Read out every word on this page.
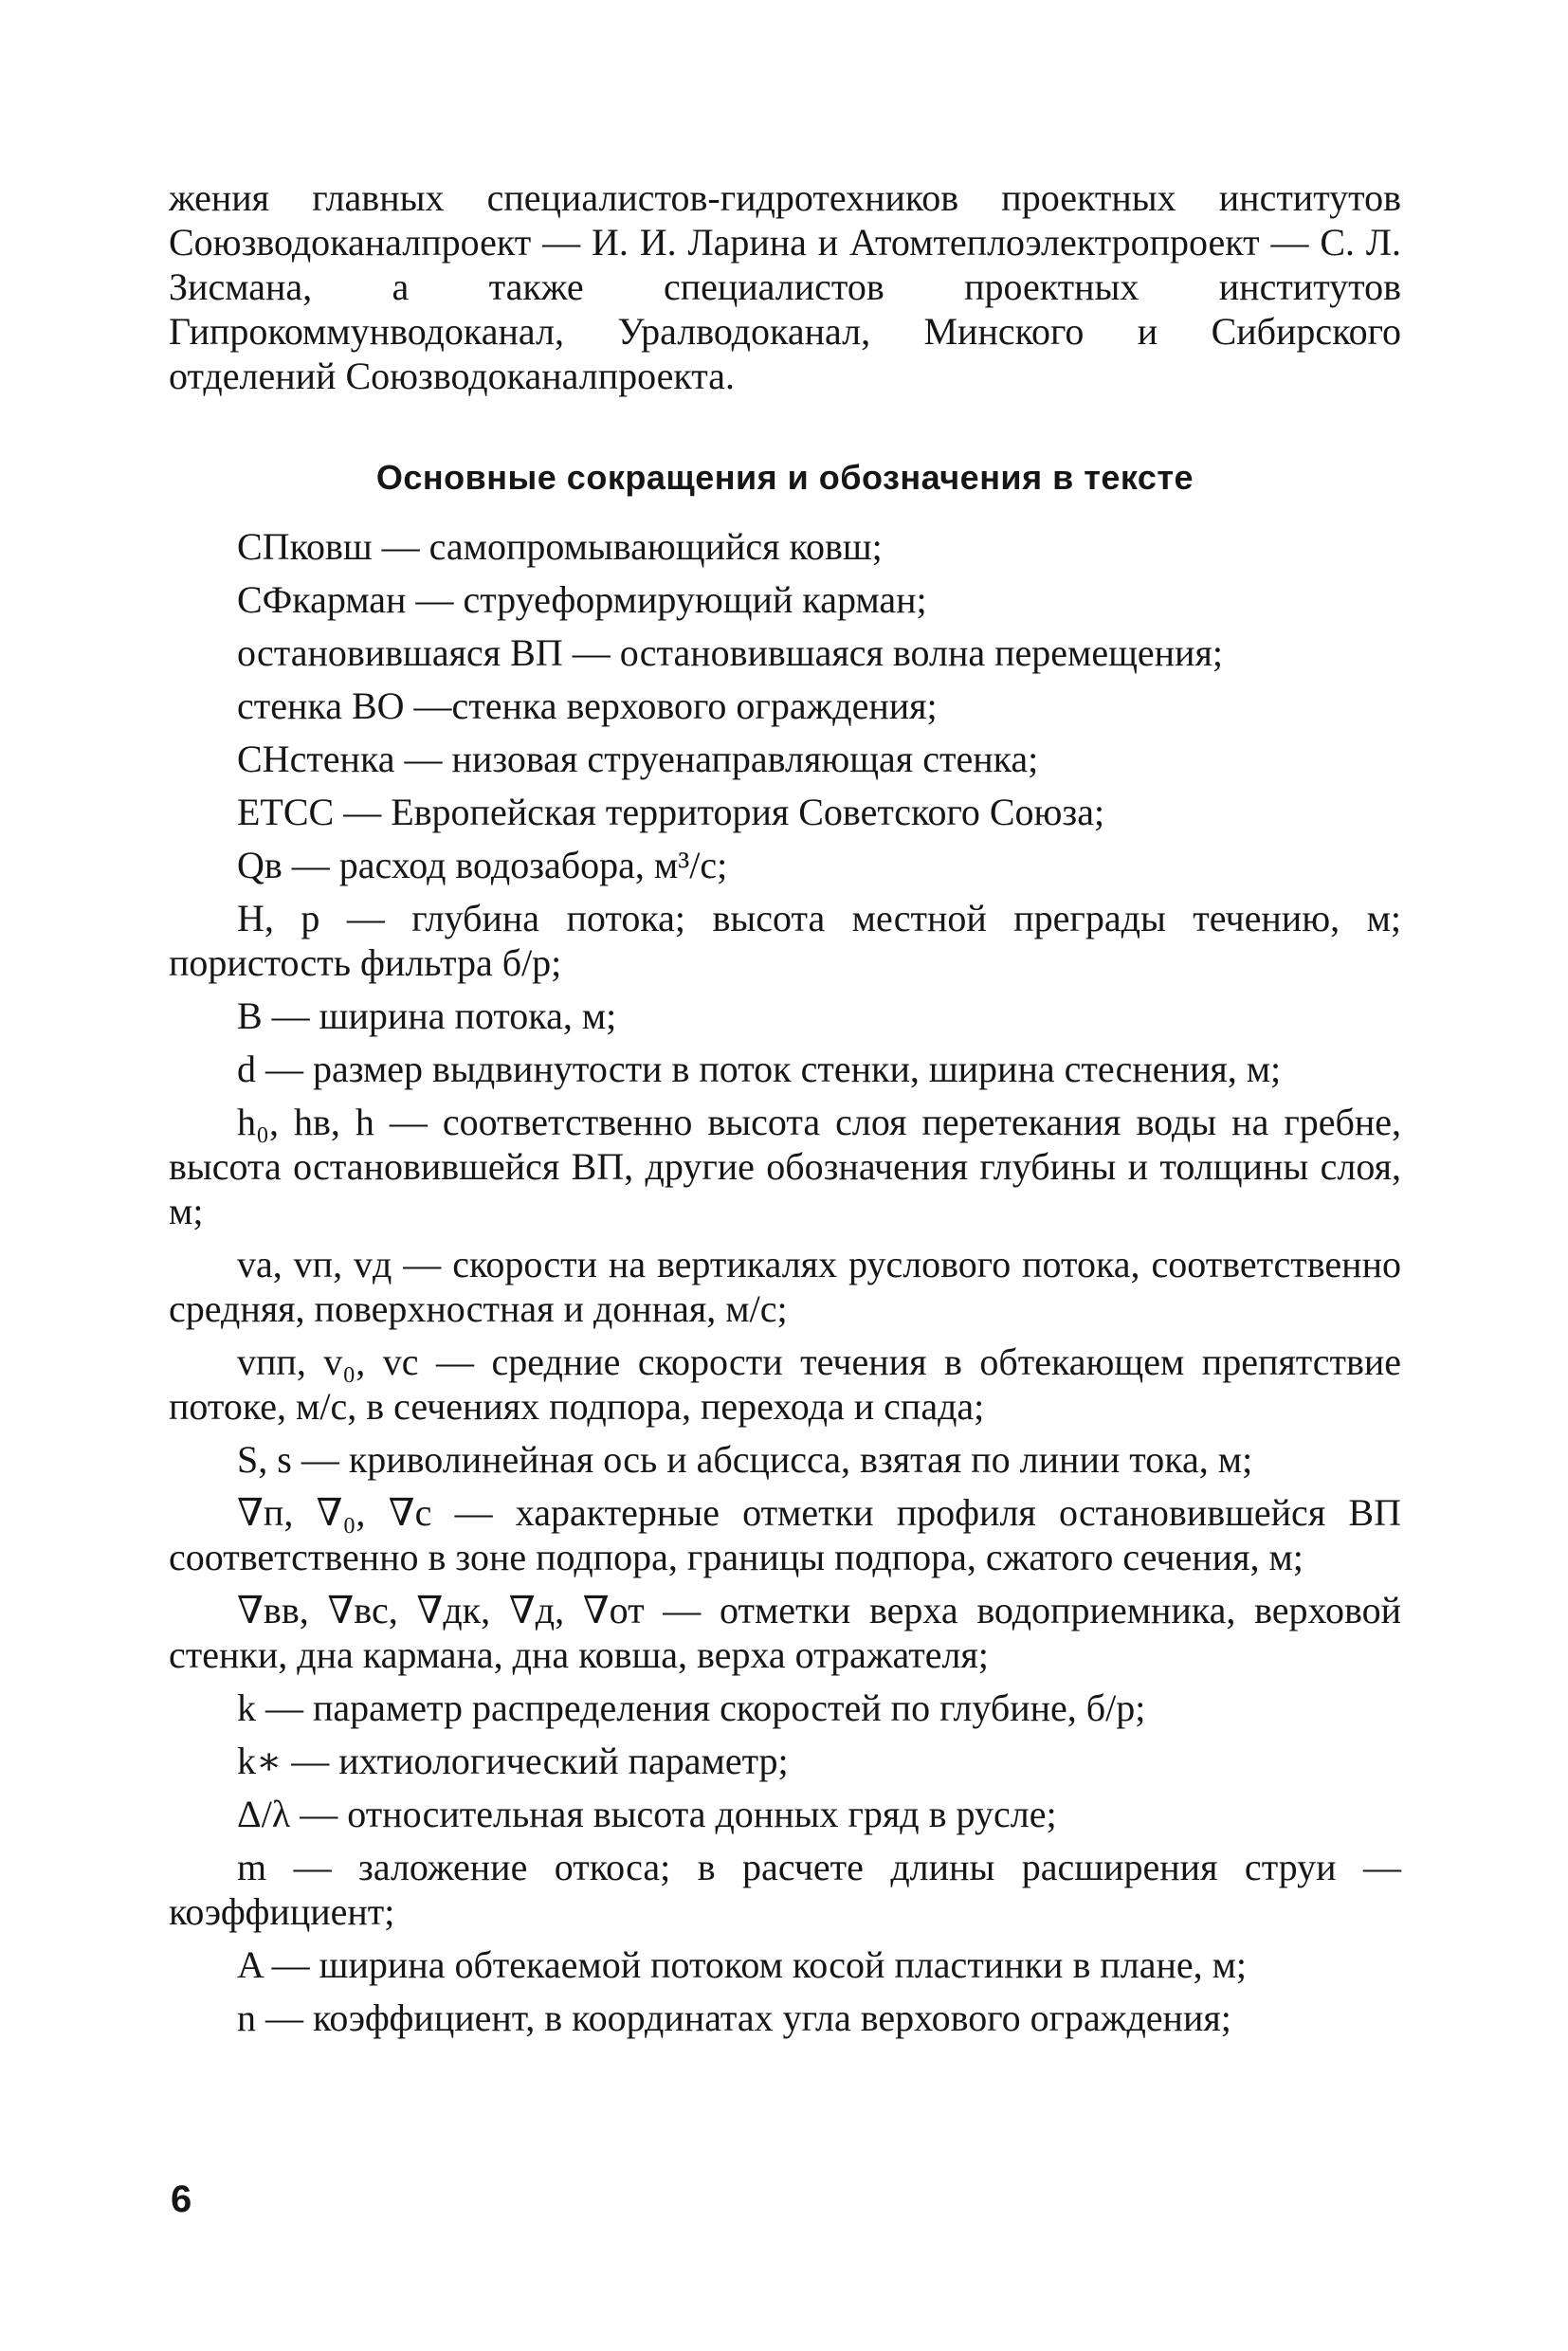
жения главных специалистов-гидротехников проектных институтов Союзводоканалпроект — И. И. Ларина и Атомтеплоэлектропроект — С. Л. Зисмана, а также специалистов проектных институтов Гипрокоммунводоканал, Уралводоканал, Минского и Сибирского отделений Союзводоканалпроекта.

Основные сокращения и обозначения в тексте

СПковш — самопромывающийся ковш;

СФкарман — струеформирующий карман;

остановившаяся ВП — остановившаяся волна перемещения;

стенка ВО —стенка верхового ограждения;

СНстенка — низовая струенаправляющая стенка;

ЕТСС — Европейская территория Советского Союза;

Qв — расход водозабора, м³/с;

H, p — глубина потока; высота местной преграды течению, м; пористость фильтра б/р;

B — ширина потока, м;

d — размер выдвинутости в поток стенки, ширина стеснения, м;

h₀, hв, h — соответственно высота слоя перетекания воды на гребне, высота остановившейся ВП, другие обозначения глубины и толщины слоя, м;

vа, vп, vд — скорости на вертикалях руслового потока, соответственно средняя, поверхностная и донная, м/с;

vпп, v₀, vс — средние скорости течения в обтекающем препятствие потоке, м/с, в сечениях подпора, перехода и спада;

S, s — криволинейная ось и абсцисса, взятая по линии тока, м;

∇п, ∇₀, ∇с — характерные отметки профиля остановившейся ВП соответственно в зоне подпора, границы подпора, сжатого сечения, м;

∇вв, ∇вс, ∇дк, ∇д, ∇от — отметки верха водоприемника, верховой стенки, дна кармана, дна ковша, верха отражателя;

k — параметр распределения скоростей по глубине, б/р;

k∗ — ихтиологический параметр;

Δ/λ — относительная высота донных гряд в русле;

m — заложение откоса; в расчете длины расширения струи — коэффициент;

A — ширина обтекаемой потоком косой пластинки в плане, м;

n — коэффициент, в координатах угла верхового ограждения;

6
